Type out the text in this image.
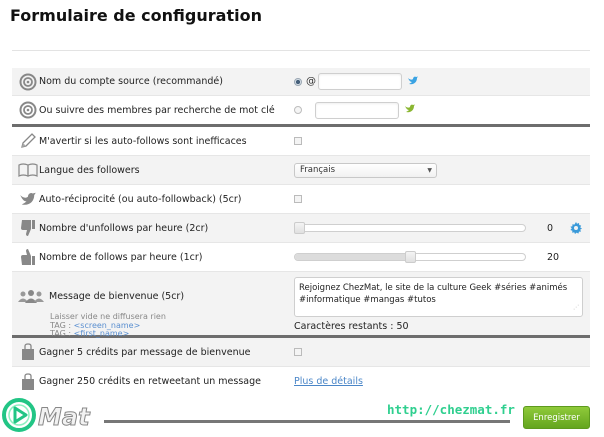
Formulaire de configuration
Nom du compte source (recommandé)	@
Ou suivre des membres par recherche de mot clé
M'avertir si les auto-follows sont inefficaces
Langue des followers	Français	▼
Auto-réciprocité (ou auto-followback) (5cr)
Nombre d'unfollows par heure (2cr)	0
Nombre de follows par heure (1cr)	20
Message de bienvenue (5cr)
Laisser vide ne diffusera rien
TAG : <screen_name>
TAG : <first_name>
Rejoignez ChezMat, le site de la culture Geek #séries #animés #informatique #mangas #tutos
⋰
Caractères restants : 50
Gagner 5 crédits par message de bienvenue
Gagner 250 crédits en retweetant un message	Plus de détails
Mat	http://chezmat.fr
Enregistrer
